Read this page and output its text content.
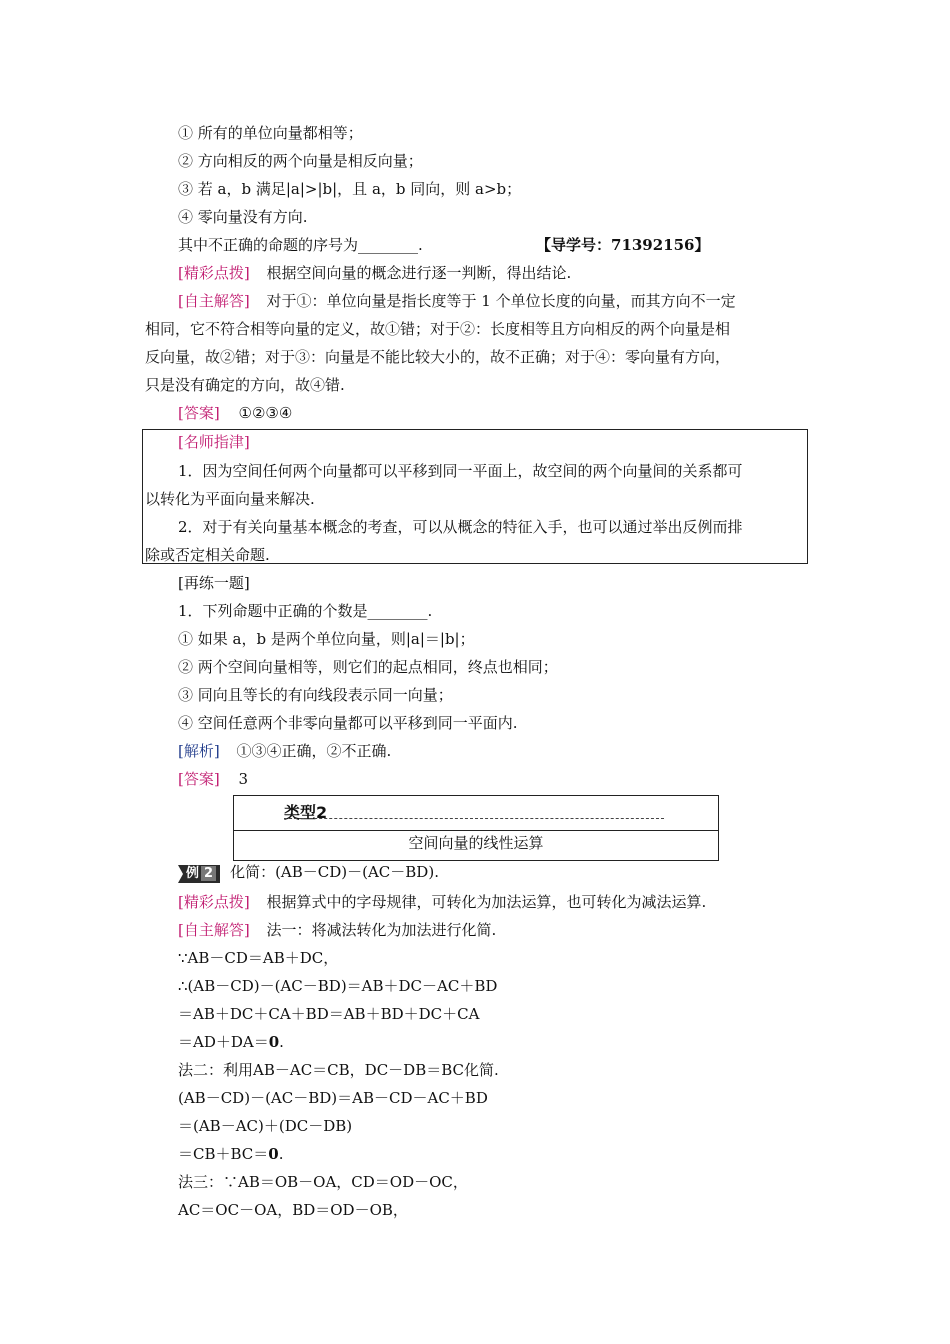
① 所有的单位向量都相等；
② 方向相反的两个向量是相反向量；
③ 若 a，b 满足|a|>|b|，且 a，b 同向，则 a>b；
④ 零向量没有方向.
其中不正确的命题的序号为________.	【导学号：71392156】
[精彩点拨] 根据空间向量的概念进行逐一判断，得出结论.
[自主解答] 对于①：单位向量是指长度等于 1 个单位长度的向量，而其方向不一定
相同，它不符合相等向量的定义，故①错；对于②：长度相等且方向相反的两个向量是相
反向量，故②错；对于③：向量是不能比较大小的，故不正确；对于④：零向量有方向，
只是没有确定的方向，故④错.
[答案] ①②③④
[名师指津]
1．因为空间任何两个向量都可以平移到同一平面上，故空间的两个向量间的关系都可
以转化为平面向量来解决.
2．对于有关向量基本概念的考查，可以从概念的特征入手，也可以通过举出反例而排
除或否定相关命题.
[再练一题]
1．下列命题中正确的个数是________.
① 如果 a，b 是两个单位向量，则|a|＝|b|；
② 两个空间向量相等，则它们的起点相同，终点也相同；
③ 同向且等长的有向线段表示同一向量；
④ 空间任意两个非零向量都可以平移到同一平面内.
[解析] ①③④正确，②不正确.
[答案] 3
类型2
空间向量的线性运算
例 2 化简：(AB－CD)－(AC－BD).
[精彩点拨] 根据算式中的字母规律，可转化为加法运算，也可转化为减法运算.
[自主解答] 法一：将减法转化为加法进行化简.
∵AB－CD＝AB＋DC，
∴(AB－CD)－(AC－BD)＝AB＋DC－AC＋BD
＝AB＋DC＋CA＋BD＝AB＋BD＋DC＋CA
＝AD＋DA＝0.
法二：利用AB－AC＝CB，DC－DB＝BC化简.
(AB－CD)－(AC－BD)＝AB－CD－AC＋BD
＝(AB－AC)＋(DC－DB)
＝CB＋BC＝0.
法三：∵AB＝OB－OA，CD＝OD－OC，
AC＝OC－OA，BD＝OD－OB，
